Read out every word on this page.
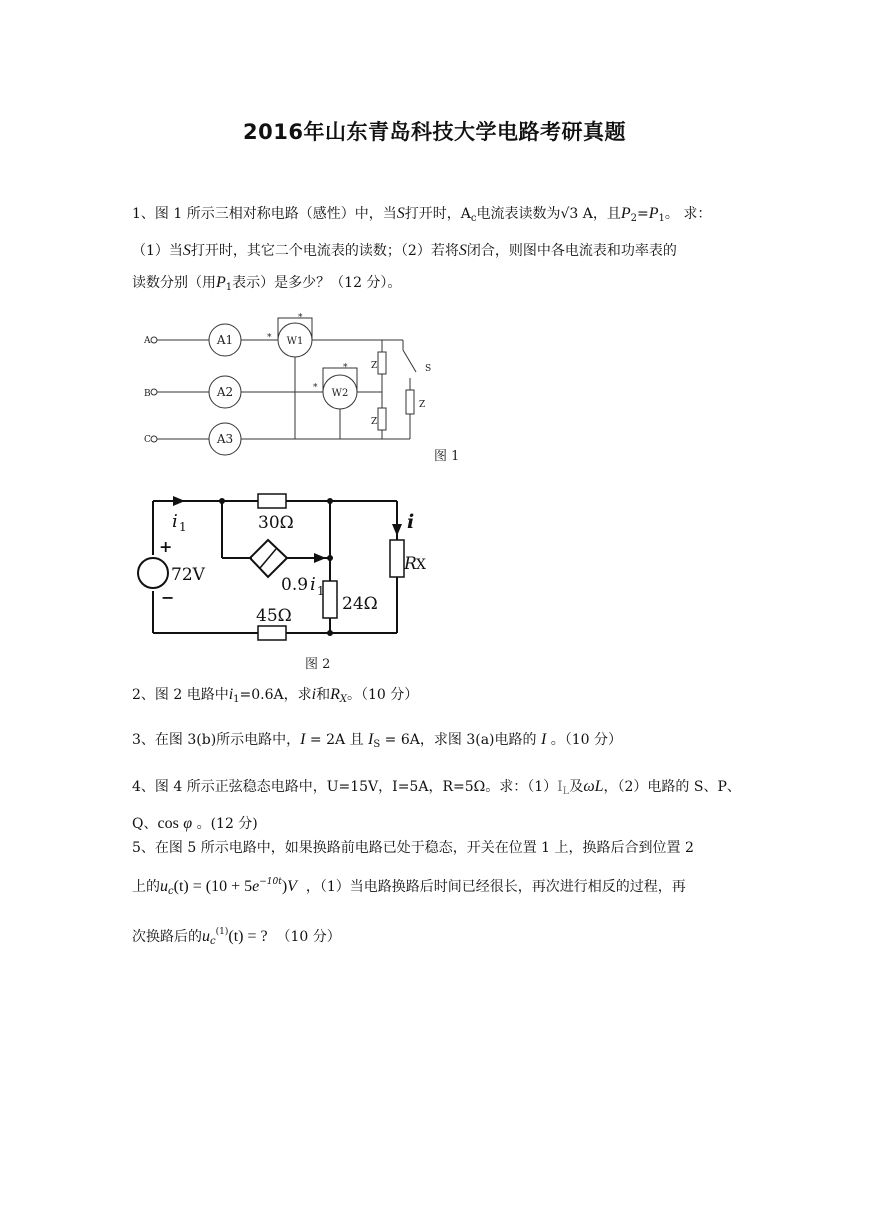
2016年山东青岛科技大学电路考研真题
1、图 1 所示三相对称电路（感性）中，当S打开时，$A_c$电流表读数为√3 A，且$P_2=P_1$。 求：
（1）当S打开时，其它二个电流表的读数；（2）若将S闭合，则图中各电流表和功率表的
读数分别（用$P_1$表示）是多少？（12 分）。
A
B
C
*
*
*
*	Z
Z
Z
S
A1
A2
A3
W1
W2
图 1
i 1	30Ω
45Ω
24Ω
72V
+
−
0.9 i 1
i
R X
图 2
2、图 2 电路中$i_1=0.6A$，求i和$R_X$。（10 分）
3、在图 3(b)所示电路中，I = 2A 且 $I_S = 6A$，求图 3(a)电路的 I 。（10 分）
4、图 4 所示正弦稳态电路中，U=15V，I=5A，R=5Ω。求：$(1)I_L$及ωL，（2）电路的 S、P、
Q、cos φ 。(12 分)
5、在图 5 所示电路中，如果换路前电路已处于稳态，开关在位置 1 上，换路后合到位置 2
上的$u_c(t) = (10 + 5e^{-10t})V$ ，（1）当电路换路后时间已经很长，再次进行相反的过程，再
次换路后的$u_c^{(1)}(t)$ = ? （10 分）
